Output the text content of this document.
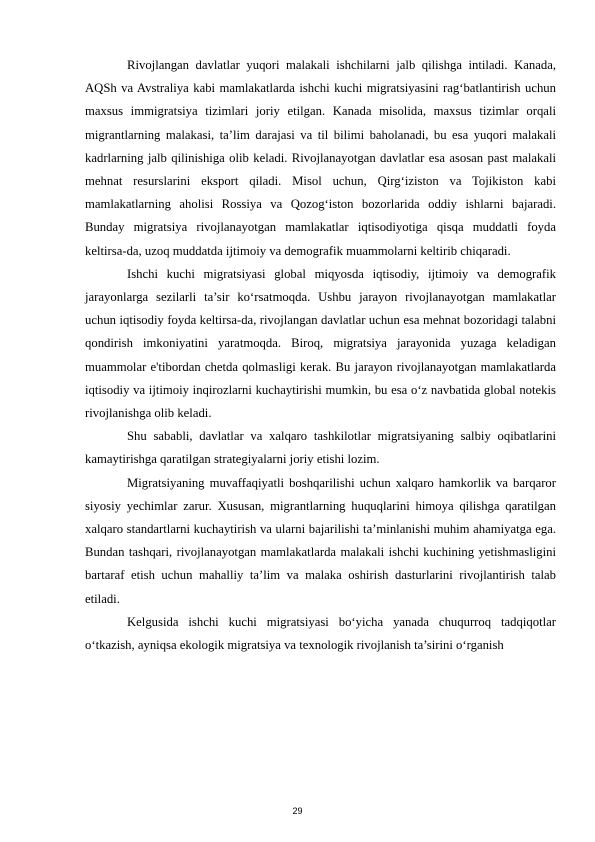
Rivojlangan davlatlar yuqori malakali ishchilarni jalb qilishga intiladi. Kanada, AQSh va Avstraliya kabi mamlakatlarda ishchi kuchi migratsiyasini rag‘batlantirish uchun maxsus immigratsiya tizimlari joriy etilgan. Kanada misolida, maxsus tizimlar orqali migrantlarning malakasi, ta’lim darajasi va til bilimi baholanadi, bu esa yuqori malakali kadrlarning jalb qilinishiga olib keladi. Rivojlanayotgan davlatlar esa asosan past malakali mehnat resurslarini eksport qiladi. Misol uchun, Qirg‘iziston va Tojikiston kabi mamlakatlarning aholisi Rossiya va Qozog‘iston bozorlarida oddiy ishlarni bajaradi. Bunday migratsiya rivojlanayotgan mamlakatlar iqtisodiyotiga qisqa muddatli foyda keltirsa-da, uzoq muddatda ijtimoiy va demografik muammolarni keltirib chiqaradi.

Ishchi kuchi migratsiyasi global miqyosda iqtisodiy, ijtimoiy va demografik jarayonlarga sezilarli ta’sir ko‘rsatmoqda. Ushbu jarayon rivojlanayotgan mamlakatlar uchun iqtisodiy foyda keltirsa-da, rivojlangan davlatlar uchun esa mehnat bozoridagi talabni qondirish imkoniyatini yaratmoqda. Biroq, migratsiya jarayonida yuzaga keladigan muammolar e'tibordan chetda qolmasligi kerak. Bu jarayon rivojlanayotgan mamlakatlarda iqtisodiy va ijtimoiy inqirozlarni kuchaytirishi mumkin, bu esa o‘z navbatida global notekis rivojlanishga olib keladi.

Shu sababli, davlatlar va xalqaro tashkilotlar migratsiyaning salbiy oqibatlarini kamaytirishga qaratilgan strategiyalarni joriy etishi lozim.

Migratsiyaning muvaffaqiyatli boshqarilishi uchun xalqaro hamkorlik va barqaror siyosiy yechimlar zarur. Xususan, migrantlarning huquqlarini himoya qilishga qaratilgan xalqaro standartlarni kuchaytirish va ularni bajarilishi ta’minlanishi muhim ahamiyatga ega. Bundan tashqari, rivojlanayotgan mamlakatlarda malakali ishchi kuchining yetishmasligini bartaraf etish uchun mahalliy ta’lim va malaka oshirish dasturlarini rivojlantirish talab etiladi.

Kelgusida ishchi kuchi migratsiyasi bo‘yicha yanada chuqurroq tadqiqotlar o‘tkazish, ayniqsa ekologik migratsiya va texnologik rivojlanish ta’sirini o‘rganish

29
